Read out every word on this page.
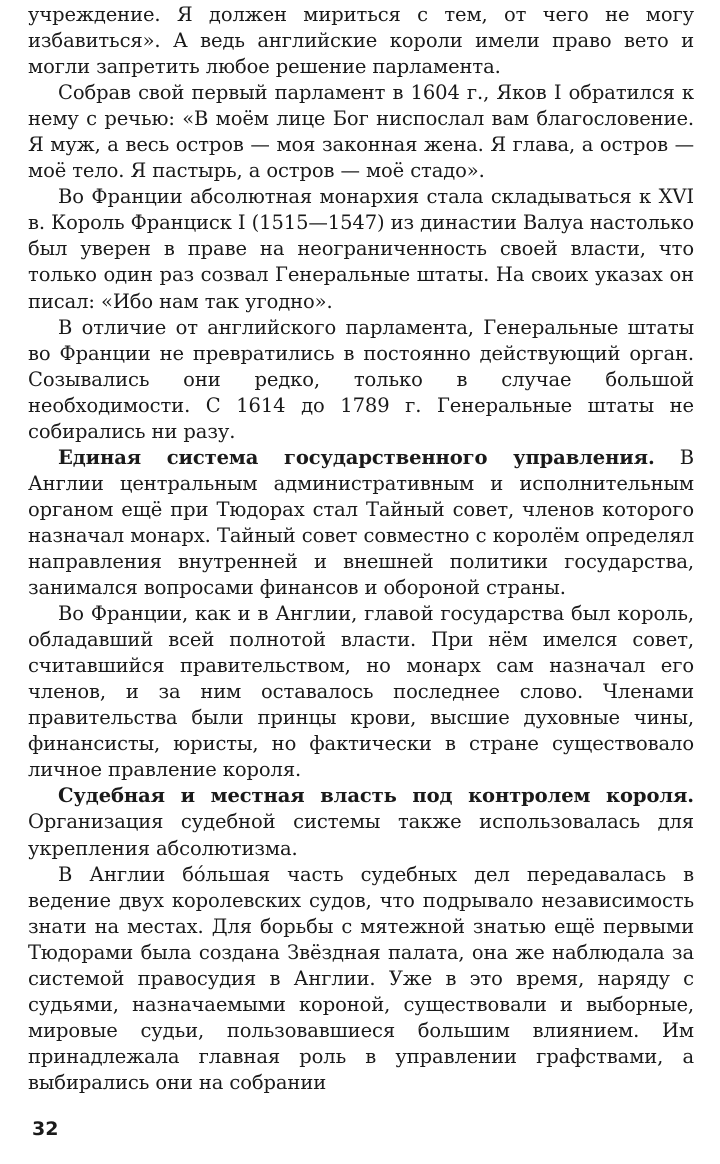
учреждение. Я должен мириться с тем, от чего не могу избавиться». А ведь английские короли имели право вето и могли запретить любое решение парламента.

Собрав свой первый парламент в 1604 г., Яков I обратился к нему с речью: «В моём лице Бог ниспослал вам благословение. Я муж, а весь остров — моя законная жена. Я глава, а остров — моё тело. Я пастырь, а остров — моё стадо».

Во Франции абсолютная монархия стала складываться к XVI в. Король Франциск I (1515—1547) из династии Валуа настолько был уверен в праве на неограниченность своей власти, что только один раз созвал Генеральные штаты. На своих указах он писал: «Ибо нам так угодно».

В отличие от английского парламента, Генеральные штаты во Франции не превратились в постоянно действующий орган. Созывались они редко, только в случае большой необходимости. С 1614 до 1789 г. Генеральные штаты не собирались ни разу.

Единая система государственного управления. В Англии центральным административным и исполнительным органом ещё при Тюдорах стал Тайный совет, членов которого назначал монарх. Тайный совет совместно с королём определял направления внутренней и внешней политики государства, занимался вопросами финансов и обороной страны.

Во Франции, как и в Англии, главой государства был король, обладавший всей полнотой власти. При нём имелся совет, считавшийся правительством, но монарх сам назначал его членов, и за ним оставалось последнее слово. Членами правительства были принцы крови, высшие духовные чины, финансисты, юристы, но фактически в стране существовало личное правление короля.

Судебная и местная власть под контролем короля. Организация судебной системы также использовалась для укрепления абсолютизма.

В Англии бóльшая часть судебных дел передавалась в ведение двух королевских судов, что подрывало независимость знати на местах. Для борьбы с мятежной знатью ещё первыми Тюдорами была создана Звёздная палата, она же наблюдала за системой правосудия в Англии. Уже в это время, наряду с судьями, назначаемыми короной, существовали и выборные, мировые судьи, пользовавшиеся большим влиянием. Им принадлежала главная роль в управлении графствами, а выбирались они на собрании

32
